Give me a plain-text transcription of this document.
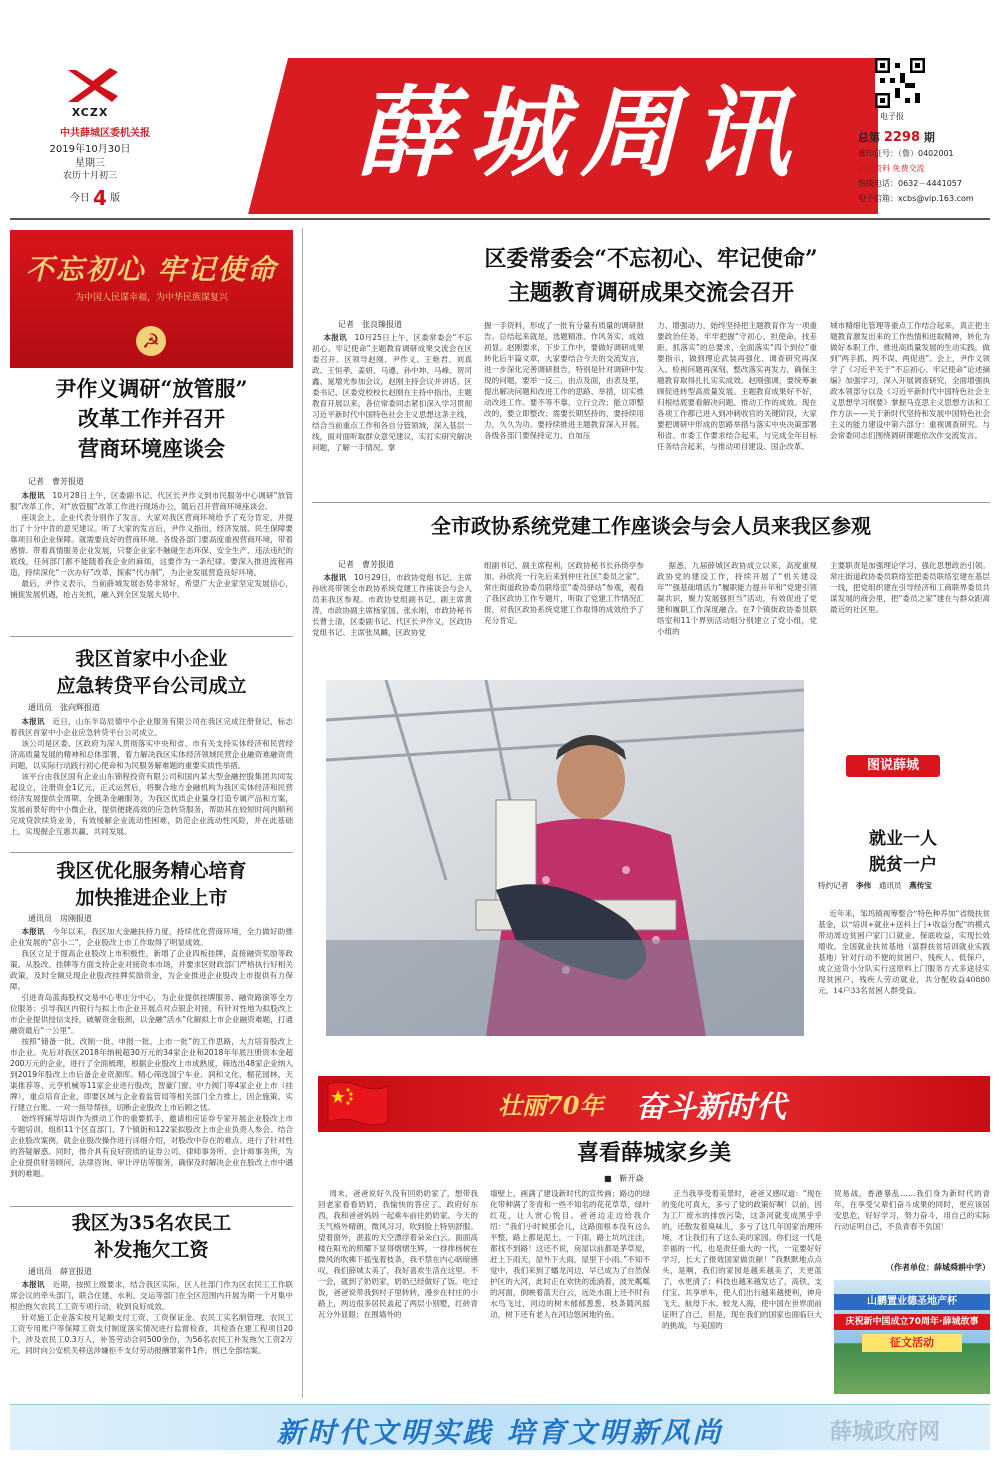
XCZX
中共薛城区委机关报
2019年10月30日
星期三
农历十月初三
今日 4 版
薛城周讯	电子报
总第 2298 期
准印证号：（鲁）0402001
内部资料 免费交流
热线电话：0632－4441057
电子信箱：xcbs@vip.163.com
不忘初心 牢记使命
为中国人民谋幸福，为中华民族谋复兴
☭
尹作义调研“放管服”
改革工作并召开
营商环境座谈会
记者　曹芳报道

本报讯　 10月28日上午，区委副书记、代区长尹作义到市民服务中心调研“放管服”改革工作，对“放管服”改革工作进行现场办公，随后召开营商环境座谈会。

座谈会上，企业代表分别作了发言，大家对我区营商环境给予了充分肯定，并提出了十分中肯的意见建议。听了大家的发言后，尹作义指出，经济发展、民生保障要靠项目和企业保障。就需要良好的营商环境。各级各部门要高度重视营商环境，带着感情、带着真情服务企业发展，只要企业家不触碰生态环保、安全生产、违法违纪的底线，任何部门都不能随着我企业的麻烦，这要作为一条纪律。要深入推进流程再造，持续深化“一次办好”改革，探索“代办制”，为企业发展营造良好环境。

最后，尹作义表示，当前薛城发展态势非常好，希望广大企业家坚定发展信心，捕捉发展机遇，抢占先机，融入到全区发展大局中。

我区首家中小企业
应急转贷平台公司成立
通讯员　张向辉报道

本报讯　 近日，山东半岛辰德中小企业服务有限公司在我区完成注册登记，标志着我区首家中小企业应急转贷平台公司成立。

该公司是区委、区政府为深入贯彻落实中央和省、市有关支持实体经济和民营经济高质量发展的精神和总体部署，着力解决我区实体经济领域民营企业融资难融资贵问题，以实际行动践行初心使命和为民服务解难题的重要实质性举措。

该平台由我区国有企业山东锦程投资有限公司和国内某大型金融控股集团共同发起设立，注册资金1亿元，正式运营后，将聚合地方金融机构为我区实体经济和民营经济发展提供全周期、全链条金融服务，为我区优质企业量身打造专属产品和方案，发展前景好的中小微企业，提供便捷高效的应急转贷服务，帮助其在较短时间内顺利完成贷款续贷业务，有效缓解企业流动性困难，防范企业流动性风险，并在此基础上，实现握企互惠共赢、共同发展。

我区优化服务精心培育
加快推进企业上市
通讯员　房刚报道

本报讯　 今年以来，我区加大金融扶持力度，持续优化营商环境，全力做好助推企业发展的“店小二”，企业股改上市工作取得了明显成效。

我区立足于提高企业股改上市积极性，新增了企业四板挂牌，直接融资奖励等政策。从股改、挂牌等方面支持企业对接资本市场，并要求区财政部门严格执行好相关政策，及时全额兑现企业股改挂牌奖励资金，为企业推进企业股改上市提供有力保障。

引进青岛蓝海股权交易中心枣庄分中心，为企业提供挂牌服务、融资路演等全方位服务；引导我区内银行与拟上市企业开展点对点银企对接，有针对性地为拟股改上市企业提供授信支持，破解资金瓶颈，以金融“活水”化解拟上市企业融资难题，打通融资最后“一公里”。

按照“储备一批、改制一批、申报一批、上市一批”的工作思路，大力培育股改上市企业。先后对我区2018年纳税超30万元的34家企业和2018年年底注册资本金超200万元的企业，进行了全面梳理，根据企业股改上市成熟度，筛选出48家企业纳入到2019年股改上市后备企业资源库。精心筛选国宁车业、润和文化、榴花园林、天渠推荐等、元亨机械等11家企业进行股改，智豪门窗、中力阀门等4家企业上市（挂牌），重点培育企业，即要区域与企业看监管局等相关部门全力推上，因企施策、实行建立台账、一对一指导帮扶，切断企业股改上市后顾之忧。

始终将辅导培训作为推动工作的重要抓手，邀请相应证券专家开展企业股改上市专题培训，组织11个区直部门、7个镇街和122家拟股改上市企业负责人参会。结合企业股改案例，就企业股改操作进行详细介绍，对股改中存在的难点、进行了针对性的答疑解惑。同时，推介具有良好资质的证券公司、律师事务所、会计师事务所，为企业提供财务顾问、法律咨询、审计评估等服务，确保及时解决企业在股改上市中遇到的难题。

我区为35名农民工
补发拖欠工资
通讯员　薛宣报道

本报讯　 近期，按照上级要求，结合我区实际，区人社部门作为区农民工工作联席会议的牵头部门，联合住建、水利、交运等部门在全区范围内开展为期一个月集中根治拖欠农民工工资专项行动，收到良好成效。

针对施工企业落实按月足额支付工资、工资保证金、农民工实名制管理、农民工工资专用账户等保障工资支付制度落实情况进行监督检查，共检查在建工程项目20个，涉及农民工0.3万人，补签劳动合同500余份，为56名农民工补发拖欠工资2万元，同时向公安机关移送涉嫌拒不支付劳动报酬罪案件1件，刑已全部结案。

区委常委会“不忘初心、牢记使命”
主题教育调研成果交流会召开
记者　张良臻报道

本报讯　 10月25日上午，区委常委会“不忘初心、牢记使命”主题教育调研成果交流会在区委召开。区领导赵刚、尹作义、王艳君、刘真政、王恒孝、姜妍、马遵、孙中坤、马峰、贺司鑫、晁增光参加会议。赵刚主持会议并讲话。区委书记、区委党校校长赵刚在主持中指出，主题教育开展以来，各位常委同志紧扣深入学习贯彻习近平新时代中国特色社会主义思想这条主线，结合当前重点工作和各自分管领域，深入基层一线，面对面听取群众意见建议，实打实研究解决问题，了解一手情况、掌

握一手资料，形成了一批有分量有质量的调研报告。总结起来就是，选题精准、作风务实、成效初显。赵刚要求，下步工作中，要做好调研成果转化后半篇文章，大家要结合今天的交流发言，进一步深化完善调研报告，特别是针对调研中发现的问题，要举一反三，由点及面，由表及里，提出解决问题和改进工作的思路、举措，切实推动改进工作。要不等不靠，立行立改；能立即整改的，要立即整改；需要长期坚持的，要持续用力，久久为功。要持续推进主题教育深入开展。各级各部门要保持定力、自加压

力、增强动力，始终坚持把主题教育作为一项重要政治任务，牢牢把握“守初心、担使命，找差距、抓落实”的总要求，全面落实“四个到位”重要指示，做到理论武装再强化、调查研究再深入、检视问题再深刻、整改落实再发力，确保主题教育取得扎扎实实成效。赵刚强调，要统筹兼顾促进转型高质量发展。主题教育成果好不好，归根结底要看解决问题、推动工作的成效。现在各项工作都已进入到冲刺收官的关键阶段，大家要把调研中形成的思路举措与落实中央决策部署和省、市委工作要求结合起来，与完成全年目标任务结合起来，与推动项目建设、国企改革、

城市精细化管理等重点工作结合起来，真正把主题教育激发出来的工作热情和进取精神，转化为做好本职工作、推进高质量发展的生动实践，做到“两手抓、两不误、两促进”。会上，尹作义领学了《习近平关于“不忘初心、牢记使命”论述摘编》加强学习，深入开展调查研究，全面增强执政本领部分以及《习近平新时代中国特色社会主义思想学习纲要》掌握马克思主义思想方法和工作方法——关于新时代坚持和发展中国特色社会主义的能力建设中第六部分：重视调查研究。与会常委同志们围绕调研课题依次作交流发言。

全市政协系统党建工作座谈会与会人员来我区参观
记者　曹芳报道

本报讯　 10月29日，市政协党组书记、主席孙欣亮带领全市政协系统党建工作座谈会与会人员来我区参观。市政协党组副书记、副主席黄涛，市政协副主席杨家国、张永刚，市政协秘书长曹士清，区委副书记、代区长尹作义，区政协党组书记、主席张凤麟，区政协党

组副书记、副主席程利，区政协秘书长孙倚亭参加。孙欣亮一行先后来到仲庄社区“委员之家”、常庄街道政协委员联络室“委员驿站”参观，观看了我区政协工作专题片，听取了党建工作情况汇报，对我区政协系统党建工作取得的成效给予了充分肯定。

据悉，九届薛城区政协成立以来，高度重视政协党的建设工作，持续开展了“机关建设年”“强基础增活力”履职能力提升年和“党建引领凝共识，聚力发展强担当”活动，有效促进了党建和履职工作深度融合。在7个镇街政协委员联络室和11个界别活动组分别建立了党小组，党小组的

主要职责是加强理论学习、强化思想政治引领。常庄街道政协委员联络室把委员联络室建在基层一线，把党组织建在引导经济和工商联界委员共谋发展的商会里，把“委员之家”建在与群众距离最近的社区里。

图说薛城
就业一人
脱贫一户
特约记者　 李伟　 通讯员　 燕传宝
近年来，邹坞镇视筹整合“特色种养加”省级扶贫基金，以“培训+就业+送科上门+收益分配”的模式带动周边贫困户家门口就业、保底收益，实现长效增收。全国就业扶贫基地（富群扶贫培训就业实践基地）针对行动不便的贫困户、残疾人、低保户，成立送货小分队实行送原料上门服务方式多途径实现贫困户、残疾人劳动就业，共分配收益40880元，14户33名贫困人群受益。
壮丽70年 奋斗新时代
喜看薛城家乡美
■　靳开焱

周末，爸爸说好久没有回奶奶家了，想带我回老家看看奶奶，我愉快的答应了。政府好东西，我和爸爸妈妈一起乘车前往奶奶家。今天的天气格外晴朗，微风习习，吹到脸上特别舒服。望着窗外，湛蓝的天空漂浮着朵朵白云。面面高楼在阳光的照耀下显得熠熠生辉，一排排杨树在微风的吹拂下摇曳着枝条，我不禁在内心暗暗感叹，我们薛城太美了，我好喜欢生活在这里。不一会，就到了奶奶家，奶奶已经做好了饭。吃过饭，爸爸说带我到村子里转转，漫步在村庄的小路上，两边很多居民盖起了两层小别墅，红砖青瓦分外显眼；在围墙外的

墙壁上，画满了建设新时代的宣传画；路边的绿化带种满了冬青和一些不知名的花花草草，绿叶红花，让人赏心悦目。爸爸边走边给我介绍：“我们小时候那会儿，这路面根本没有这么平整，路上都是泥土，一下雨，路上坑坑洼洼，都找不到路！这还不说，房屋以前都是茅草屋，赶上下雨天，屋外下大雨，屋里下小雨。”不知不觉中，我们来到了蟠龙河边，早已成为了自然保护区的大河，此时正在欢快的流淌着，波光粼粼的河面，倒映着蓝天白云，远处水面上还不时有水鸟飞过，河边的树木郁郁葱葱，枝条随风摇动，树下还有老人在河边悠闲地钓鱼。

正当我享受着美景时，爸爸又感叹道：“现在的变化可真大，多亏了党的政策好啊！以前，因为工厂废水的排放污染，这条河就变成黑乎乎的，还散发着臭味儿，多亏了这几年国家治理环境，才让我们有了这么美的家园。你们这一代是幸福的一代，也是责任重大的一代，一定要好好学习，长大了报效国家做贡献！”我默默地点点头，是啊，我们的家园是越来越美了，天更蓝了，水更清了；科技也越来越发达了，高铁、支付宝、共享单车，使人们出行越来越便利，神舟飞天、航母下水、蛟龙入海，使中国在世界面前证明了自己，但是，现在我们的国家也面临巨大的挑战，与美国的

贸易战，香港暴乱……我们身为新时代的青年，在享受父辈们奋斗成果的同时，更应该居安思危，好好学习，努力奋斗，用自己的实际行动证明自己，不负青春不负国！

（作者单位：薛城舜耕中学）
山鹏置业德圣地产杯
庆祝新中国成立70周年·薛城故事
征文活动
新时代文明实践 培育文明新风尚	薛城政府网
